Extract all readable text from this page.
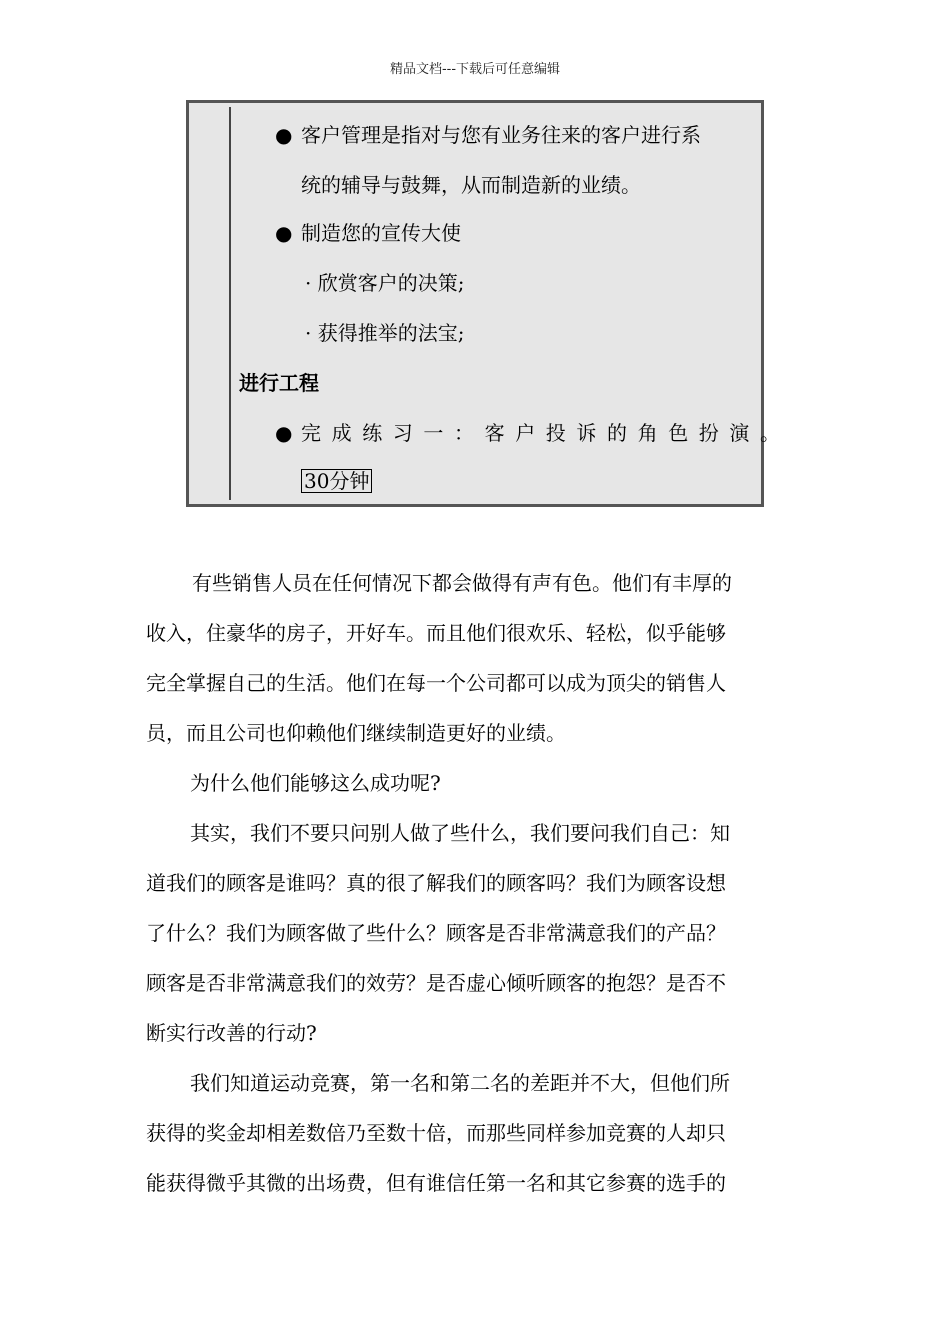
精品文档---下载后可任意编辑
● 客户管理是指对与您有业务往来的客户进行系
统的辅导与鼓舞，从而制造新的业绩。
● 制造您的宣传大使
· 欣赏客户的决策;
· 获得推举的法宝;
进行工程
● 完成练习一：客户投诉的角色扮演。
30分钟
有些销售人员在任何情况下都会做得有声有色。他们有丰厚的
收入，住豪华的房子，开好车。而且他们很欢乐、轻松，似乎能够
完全掌握自己的生活。他们在每一个公司都可以成为顶尖的销售人
员，而且公司也仰赖他们继续制造更好的业绩。
为什么他们能够这么成功呢?
其实，我们不要只问别人做了些什么，我们要问我们自己：知
道我们的顾客是谁吗？真的很了解我们的顾客吗？我们为顾客设想
了什么？我们为顾客做了些什么？顾客是否非常满意我们的产品？
顾客是否非常满意我们的效劳？是否虚心倾听顾客的抱怨？是否不
断实行改善的行动?
我们知道运动竞赛，第一名和第二名的差距并不大，但他们所
获得的奖金却相差数倍乃至数十倍，而那些同样参加竞赛的人却只
能获得微乎其微的出场费，但有谁信任第一名和其它参赛的选手的
